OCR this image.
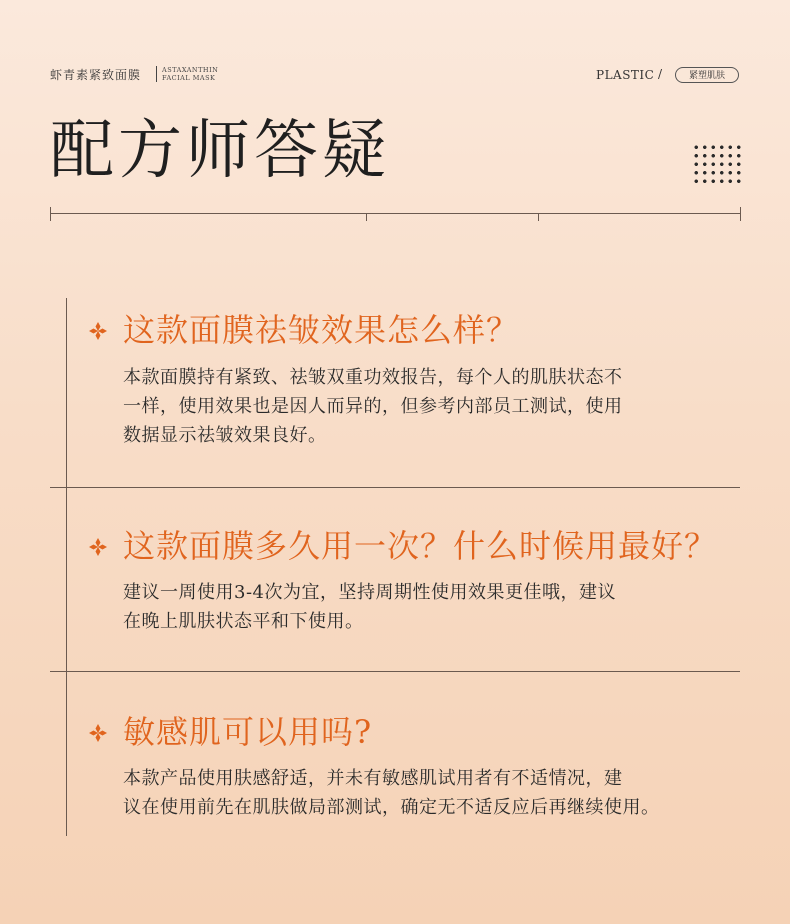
虾青素紧致面膜	ASTAXANTHIN
FACIAL MASK	PLASTIC /	紧塑肌肤
配方师答疑
这款面膜祛皱效果怎么样？
本款面膜持有紧致、祛皱双重功效报告，每个人的肌肤状态不
一样，使用效果也是因人而异的，但参考内部员工测试，使用
数据显示祛皱效果良好。
这款面膜多久用一次？什么时候用最好？
建议一周使用3-4次为宜，坚持周期性使用效果更佳哦，建议
在晚上肌肤状态平和下使用。
敏感肌可以用吗?
本款产品使用肤感舒适，并未有敏感肌试用者有不适情况，建
议在使用前先在肌肤做局部测试，确定无不适反应后再继续使用。
